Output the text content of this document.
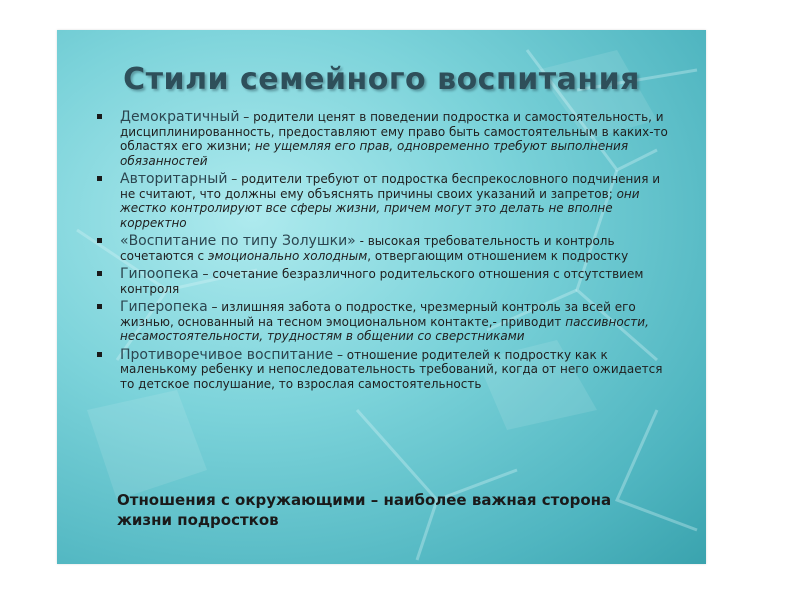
Стили семейного воспитания
Демократичный – родители ценят в поведении подростка и самостоятельность, и дисциплинированность, предоставляют ему право быть самостоятельным в каких-то областях его жизни; не ущемляя его прав, одновременно требуют выполнения обязанностей
Авторитарный – родители требуют от подростка беспрекословного подчинения и не считают, что должны ему объяснять причины своих указаний и запретов; они жестко контролируют все сферы жизни, причем могут это делать не вполне корректно
«Воспитание по типу Золушки» - высокая требовательность и контроль сочетаются с эмоционально холодным, отвергающим отношением к подростку
Гипоопека – сочетание безразличного родительского отношения с отсутствием контроля
Гиперопека – излишняя забота о подростке, чрезмерный контроль за всей его жизнью, основанный на тесном эмоциональном контакте,- приводит пассивности, несамостоятельности, трудностям в общении со сверстниками
Противоречивое воспитание – отношение родителей к подростку как к маленькому ребенку и непоследовательность требований, когда от него ожидается то детское послушание, то взрослая самостоятельность
Отношения с окружающими – наиболее важная сторона жизни подростков
